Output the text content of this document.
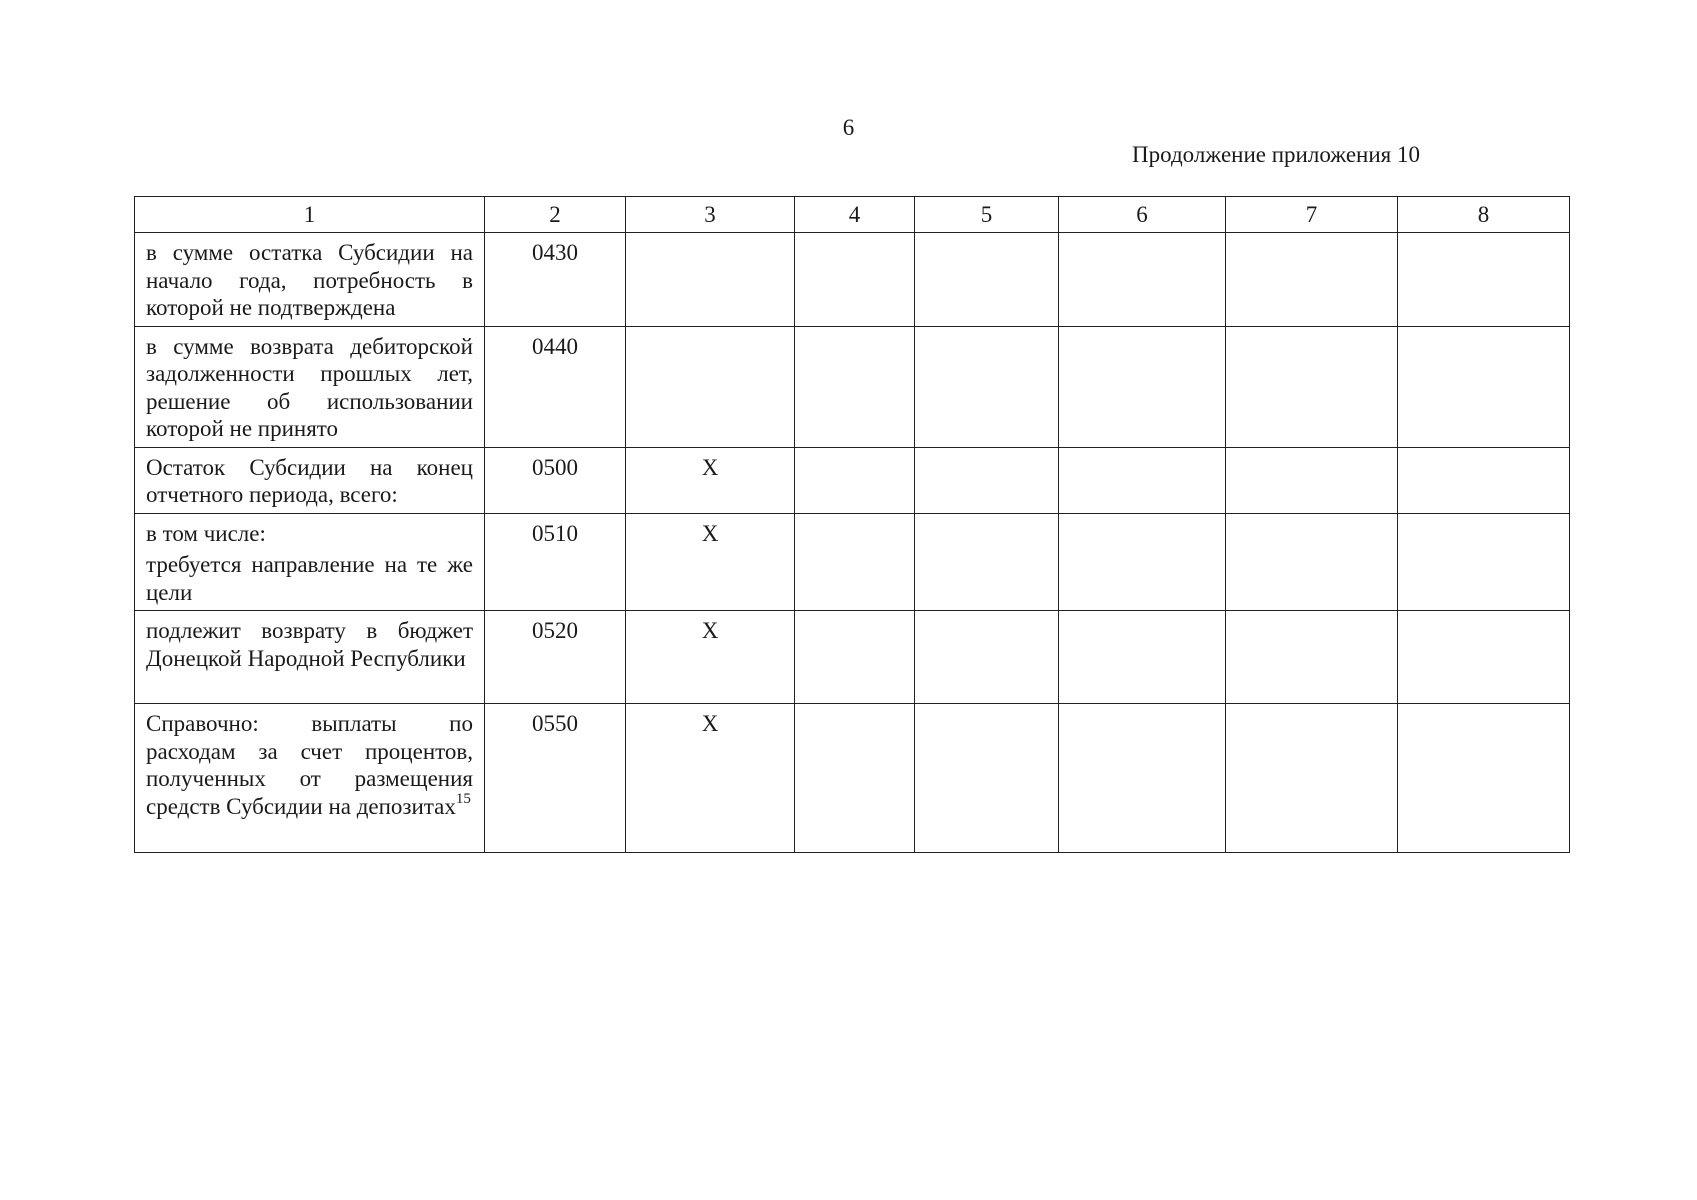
6
Продолжение приложения 10
1	2	3	4	5	6	7	8

в сумме остатка Субсидии на начало года, потребность в которой не подтверждена	0430						

в сумме возврата дебиторской задолженности прошлых лет, решение об использовании которой не принято	0440						

Остаток Субсидии на конец отчетного периода, всего:	0500	X					

в том числе:
требуется направление на те же цели	0510	X					

подлежит возврату в бюджет Донецкой Народной Республики	0520	X					

Справочно: выплаты по расходам за счет процентов, полученных от размещения средств Субсидии на депозитах$^{15}$	0550	X					
